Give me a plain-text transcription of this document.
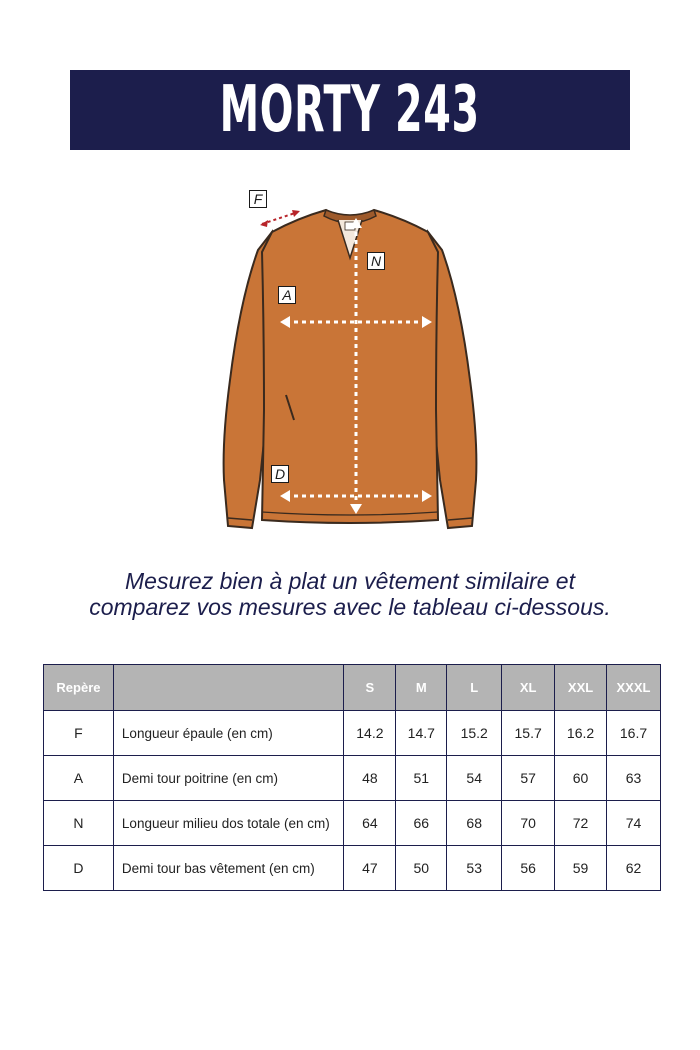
MORTY 243
F
N
A
D
Mesurez bien à plat un vêtement similaire et
comparez vos mesures avec le tableau ci-dessous.
Repère		S	M	L	XL	XXL	XXXL
F	Longueur épaule (en cm)	14.2	14.7	15.2	15.7	16.2	16.7
A	Demi tour poitrine (en cm)	48	51	54	57	60	63
N	Longueur milieu dos totale (en cm)	64	66	68	70	72	74
D	Demi tour bas vêtement (en cm)	47	50	53	56	59	62
